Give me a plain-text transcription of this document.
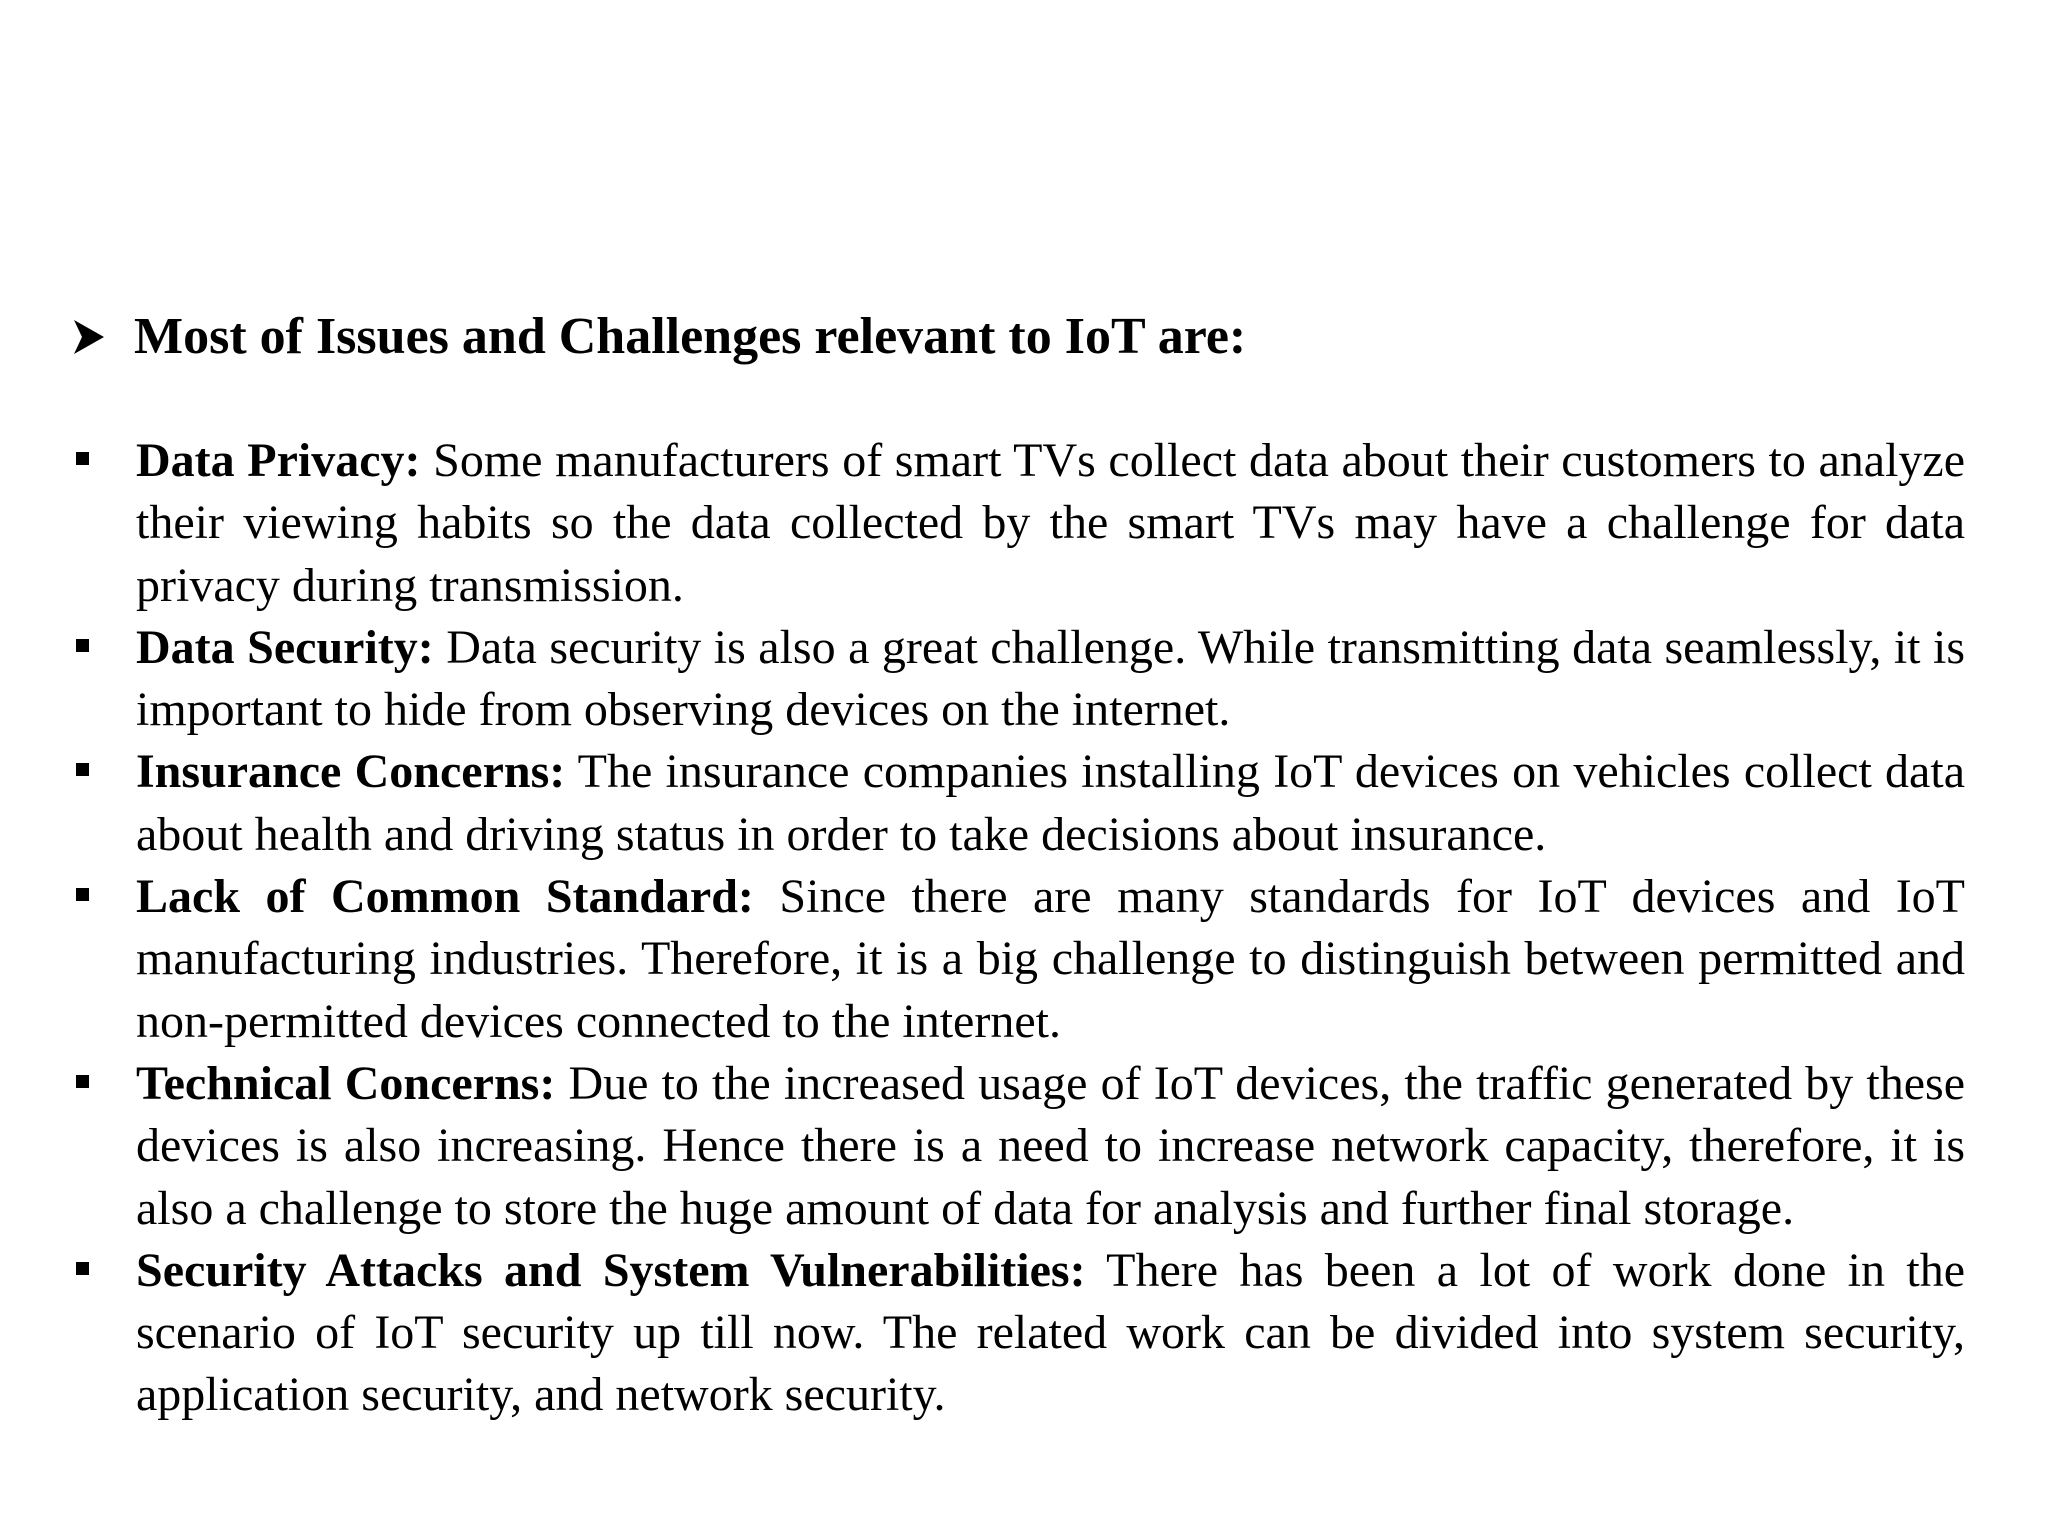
Most of Issues and Challenges relevant to IoT are:
Data Privacy: Some manufacturers of smart TVs collect data about their customers to analyze their viewing habits so the data collected by the smart TVs may have a challenge for data privacy during transmission.
Data Security: Data security is also a great challenge. While transmitting data seamlessly, it is important to hide from observing devices on the internet.
Insurance Concerns: The insurance companies installing IoT devices on vehicles collect data about health and driving status in order to take decisions about insurance.
Lack of Common Standard: Since there are many standards for IoT devices and IoT manufacturing industries. Therefore, it is a big challenge to distinguish between permitted and non-permitted devices connected to the internet.
Technical Concerns: Due to the increased usage of IoT devices, the traffic generated by these devices is also increasing. Hence there is a need to increase network capacity, therefore, it is also a challenge to store the huge amount of data for analysis and further final storage.
Security Attacks and System Vulnerabilities: There has been a lot of work done in the scenario of IoT security up till now. The related work can be divided into system security, application security, and network security.
